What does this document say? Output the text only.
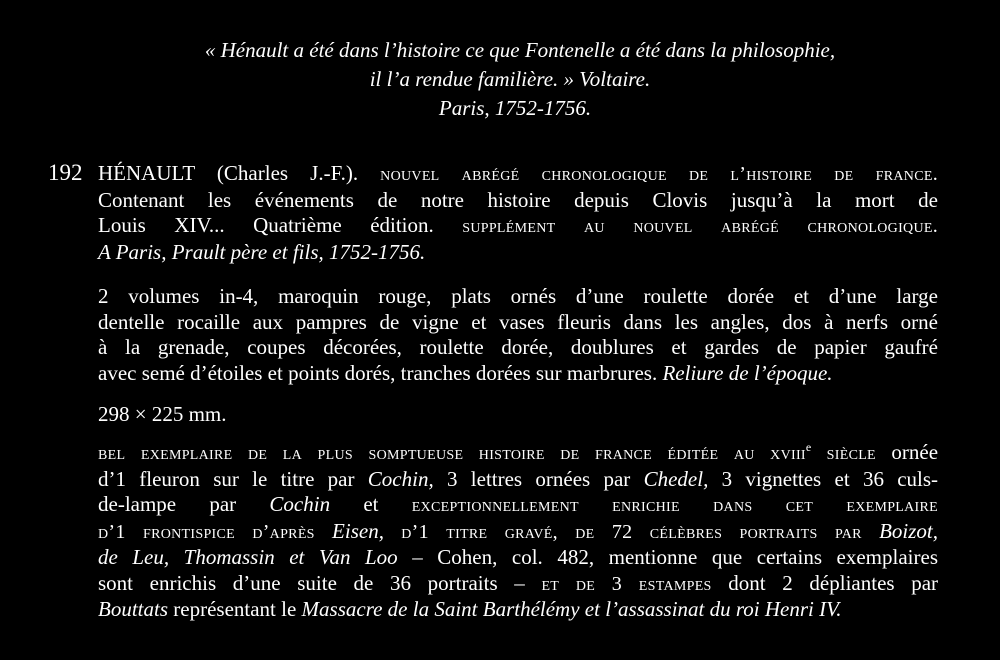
« Hénault a été dans l’histoire ce que Fontenelle a été dans la philosophie,
il l’a rendue familière. » Voltaire.
Paris, 1752-1756.
192 HÉNAULT (Charles J.-F.). nouvel abrégé chronologique de l’histoire de france.
Contenant les événements de notre histoire depuis Clovis jusqu’à la mort de
Louis XIV... Quatrième édition. supplément au nouvel abrégé chronologique.
A Paris, Prault père et fils, 1752-1756.
2 volumes in-4, maroquin rouge, plats ornés d’une roulette dorée et d’une large
dentelle rocaille aux pampres de vigne et vases fleuris dans les angles, dos à nerfs orné
à la grenade, coupes décorées, roulette dorée, doublures et gardes de papier gaufré
avec semé d’étoiles et points dorés, tranches dorées sur marbrures. Reliure de l’époque.
298 × 225 mm.
bel exemplaire de la plus somptueuse histoire de france éditée au xviii$^e$ siècle ornée
d’1 fleuron sur le titre par Cochin, 3 lettres ornées par Chedel, 3 vignettes et 36 culs-
de-lampe par Cochin et exceptionnellement enrichie dans cet exemplaire
d’1 frontispice d’après Eisen, d’1 titre gravé, de 72 célèbres portraits par Boizot,
de Leu, Thomassin et Van Loo – Cohen, col. 482, mentionne que certains exemplaires
sont enrichis d’une suite de 36 portraits – et de 3 estampes dont 2 dépliantes par
Bouttats représentant le Massacre de la Saint Barthélémy et l’assassinat du roi Henri IV.
